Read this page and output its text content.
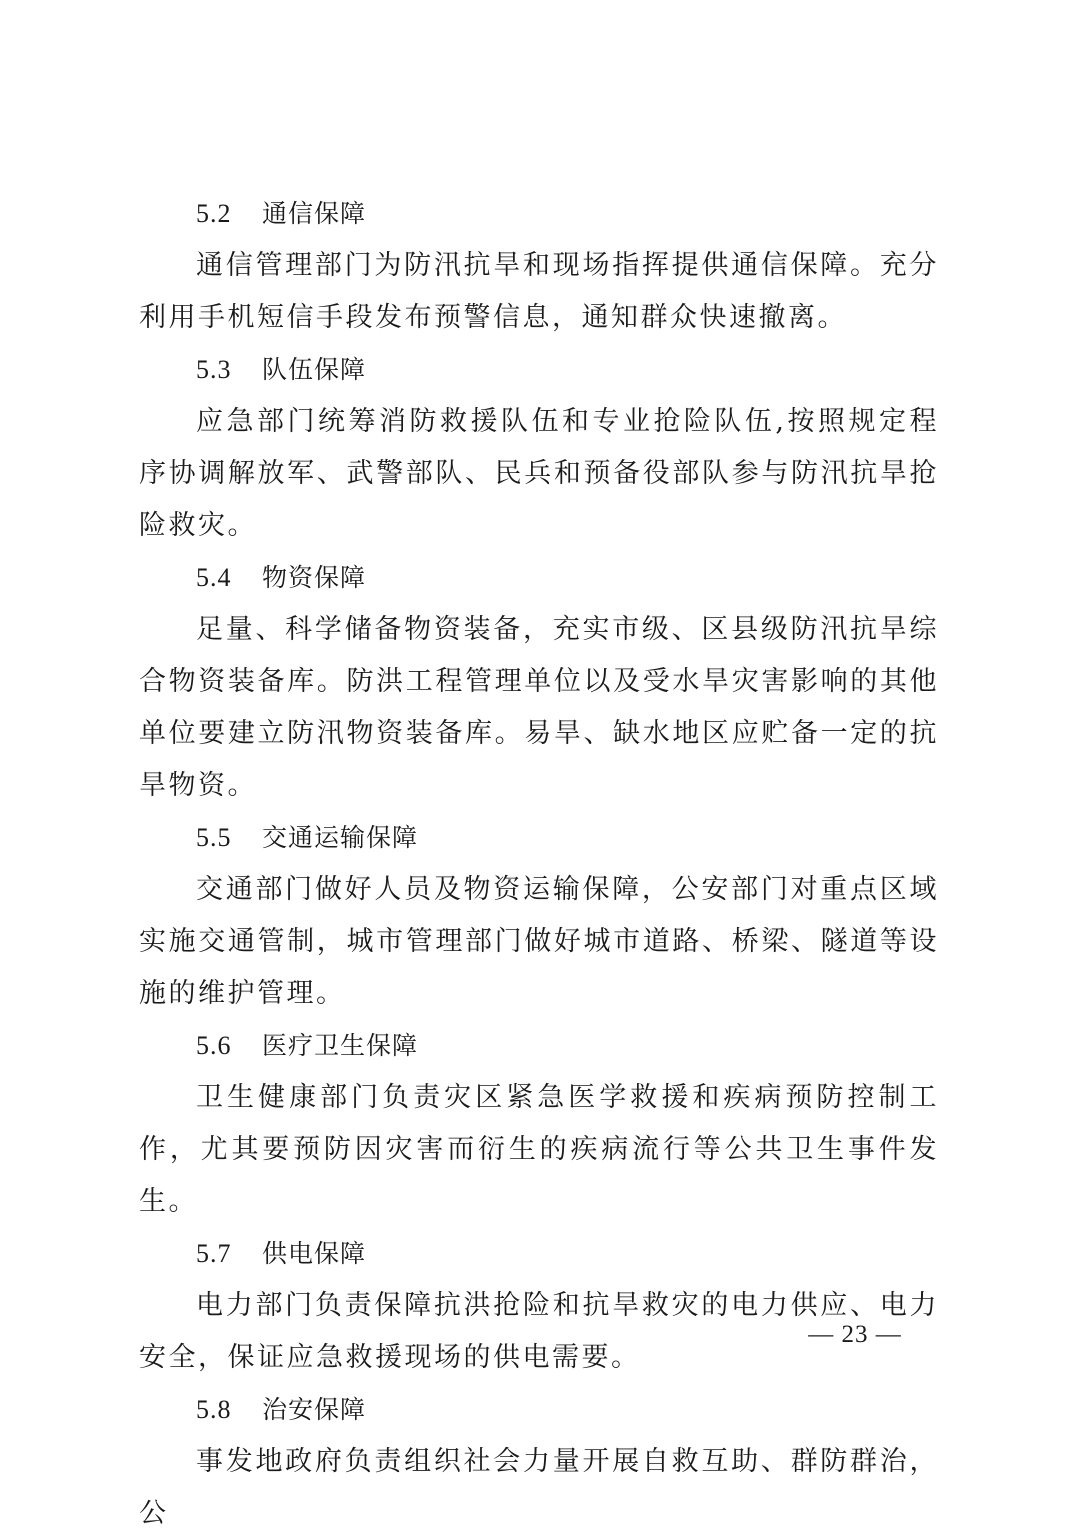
5.2 通信保障

通信管理部门为防汛抗旱和现场指挥提供通信保障。充分利用手机短信手段发布预警信息，通知群众快速撤离。

5.3 队伍保障

应急部门统筹消防救援队伍和专业抢险队伍,按照规定程序协调解放军、武警部队、民兵和预备役部队参与防汛抗旱抢险救灾。

5.4 物资保障

足量、科学储备物资装备，充实市级、区县级防汛抗旱综合物资装备库。防洪工程管理单位以及受水旱灾害影响的其他单位要建立防汛物资装备库。易旱、缺水地区应贮备一定的抗旱物资。

5.5 交通运输保障

交通部门做好人员及物资运输保障，公安部门对重点区域实施交通管制，城市管理部门做好城市道路、桥梁、隧道等设施的维护管理。

5.6 医疗卫生保障

卫生健康部门负责灾区紧急医学救援和疾病预防控制工作，尤其要预防因灾害而衍生的疾病流行等公共卫生事件发生。

5.7 供电保障

电力部门负责保障抗洪抢险和抗旱救灾的电力供应、电力安全，保证应急救援现场的供电需要。

5.8 治安保障

事发地政府负责组织社会力量开展自救互助、群防群治，公

— 23 —
